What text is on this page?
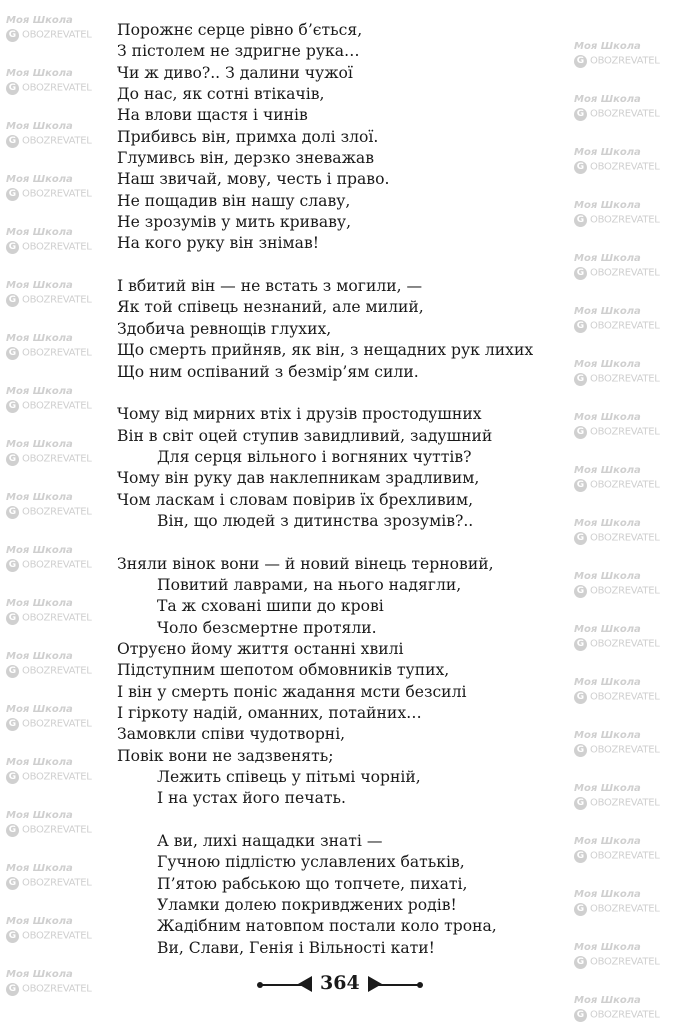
Моя Школа
G OBOZREVATEL
Моя Школа
G OBOZREVATEL
Моя Школа
G OBOZREVATEL
Моя Школа
G OBOZREVATEL
Моя Школа
G OBOZREVATEL
Моя Школа
G OBOZREVATEL
Моя Школа
G OBOZREVATEL
Моя Школа
G OBOZREVATEL
Моя Школа
G OBOZREVATEL
Моя Школа
G OBOZREVATEL
Моя Школа
G OBOZREVATEL
Моя Школа
G OBOZREVATEL
Моя Школа
G OBOZREVATEL
Моя Школа
G OBOZREVATEL
Моя Школа
G OBOZREVATEL
Моя Школа
G OBOZREVATEL
Моя Школа
G OBOZREVATEL
Моя Школа
G OBOZREVATEL
Моя Школа
G OBOZREVATEL
Моя Школа
G OBOZREVATEL
Моя Школа
G OBOZREVATEL
Моя Школа
G OBOZREVATEL
Моя Школа
G OBOZREVATEL
Моя Школа
G OBOZREVATEL
Моя Школа
G OBOZREVATEL
Моя Школа
G OBOZREVATEL
Моя Школа
G OBOZREVATEL
Моя Школа
G OBOZREVATEL
Моя Школа
G OBOZREVATEL
Моя Школа
G OBOZREVATEL
Моя Школа
G OBOZREVATEL
Моя Школа
G OBOZREVATEL
Моя Школа
G OBOZREVATEL
Моя Школа
G OBOZREVATEL
Моя Школа
G OBOZREVATEL
Моя Школа
G OBOZREVATEL
Моя Школа
G OBOZREVATEL
Моя Школа
G OBOZREVATEL
Порожнє серце рівно б’ється,
З пістолем не здригне рука…
Чи ж диво?.. З далини чужої
До нас, як сотні втікачів,
На влови щастя і чинів
Прибивсь він, примха долі злої.
Глумивсь він, дерзко зневажав
Наш звичай, мову, честь і право.
Не пощадив він нашу славу,
Не зрозумів у мить криваву,
На кого руку він знімав!
І вбитий він — не встать з могили, —
Як той співець незнаний, але милий,
Здобича ревнощів глухих,
Що смерть прийняв, як він, з нещадних рук лихих
Що ним оспіваний з безмір’ям сили.
Чому від мирних втіх і друзів простодушних
Він в світ оцей ступив завидливий, задушний
Для серця вільного і вогняних чуттів?
Чому він руку дав наклепникам зрадливим,
Чом ласкам і словам повірив їх брехливим,
Він, що людей з дитинства зрозумів?..
Зняли вінок вони — й новий вінець терновий,
Повитий лаврами, на нього надягли,
Та ж сховані шипи до крові
Чоло безсмертне протяли.
Отруєно йому життя останні хвилі
Підступним шепотом обмовників тупих,
І він у смерть поніс жадання мсти безсилі
І гіркоту надій, оманних, потайних…
Замовкли співи чудотворні,
Повік вони не задзвенять;
Лежить співець у пітьмі чорній,
І на устах його печать.
А ви, лихі нащадки знаті —
Гучною підлістю уславлених батьків,
П’ятою рабською що топчете, пихаті,
Уламки долею покривджених родів!
Жадібним натовпом постали коло трона,
Ви, Слави, Генія і Вільності кати!
364
